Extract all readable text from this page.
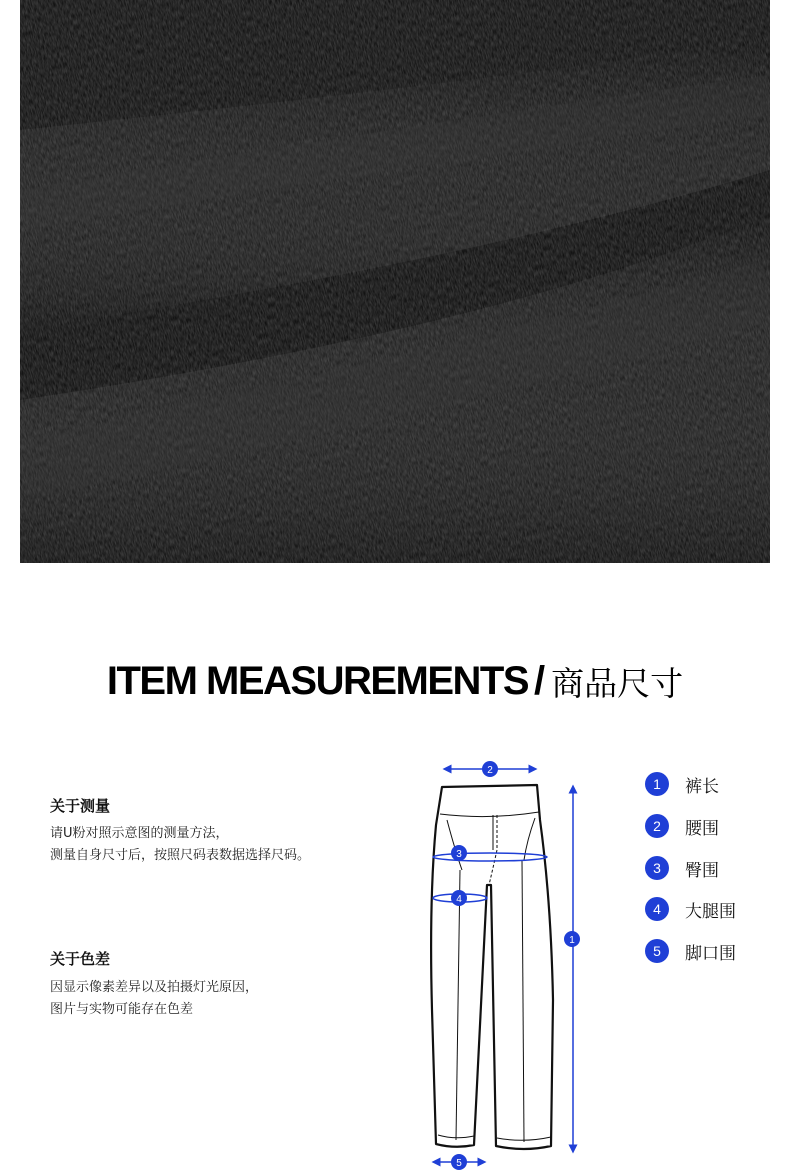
ITEM MEASUREMENTS / 商品尺寸
关于测量
请U粉对照示意图的测量方法，
测量自身尺寸后，按照尺码表数据选择尺码。
关于色差
因显示像素差异以及拍摄灯光原因，
图片与实物可能存在色差
2
3
4
1
5
1	裤长
2	腰围
3	臀围
4	大腿围
5	脚口围
